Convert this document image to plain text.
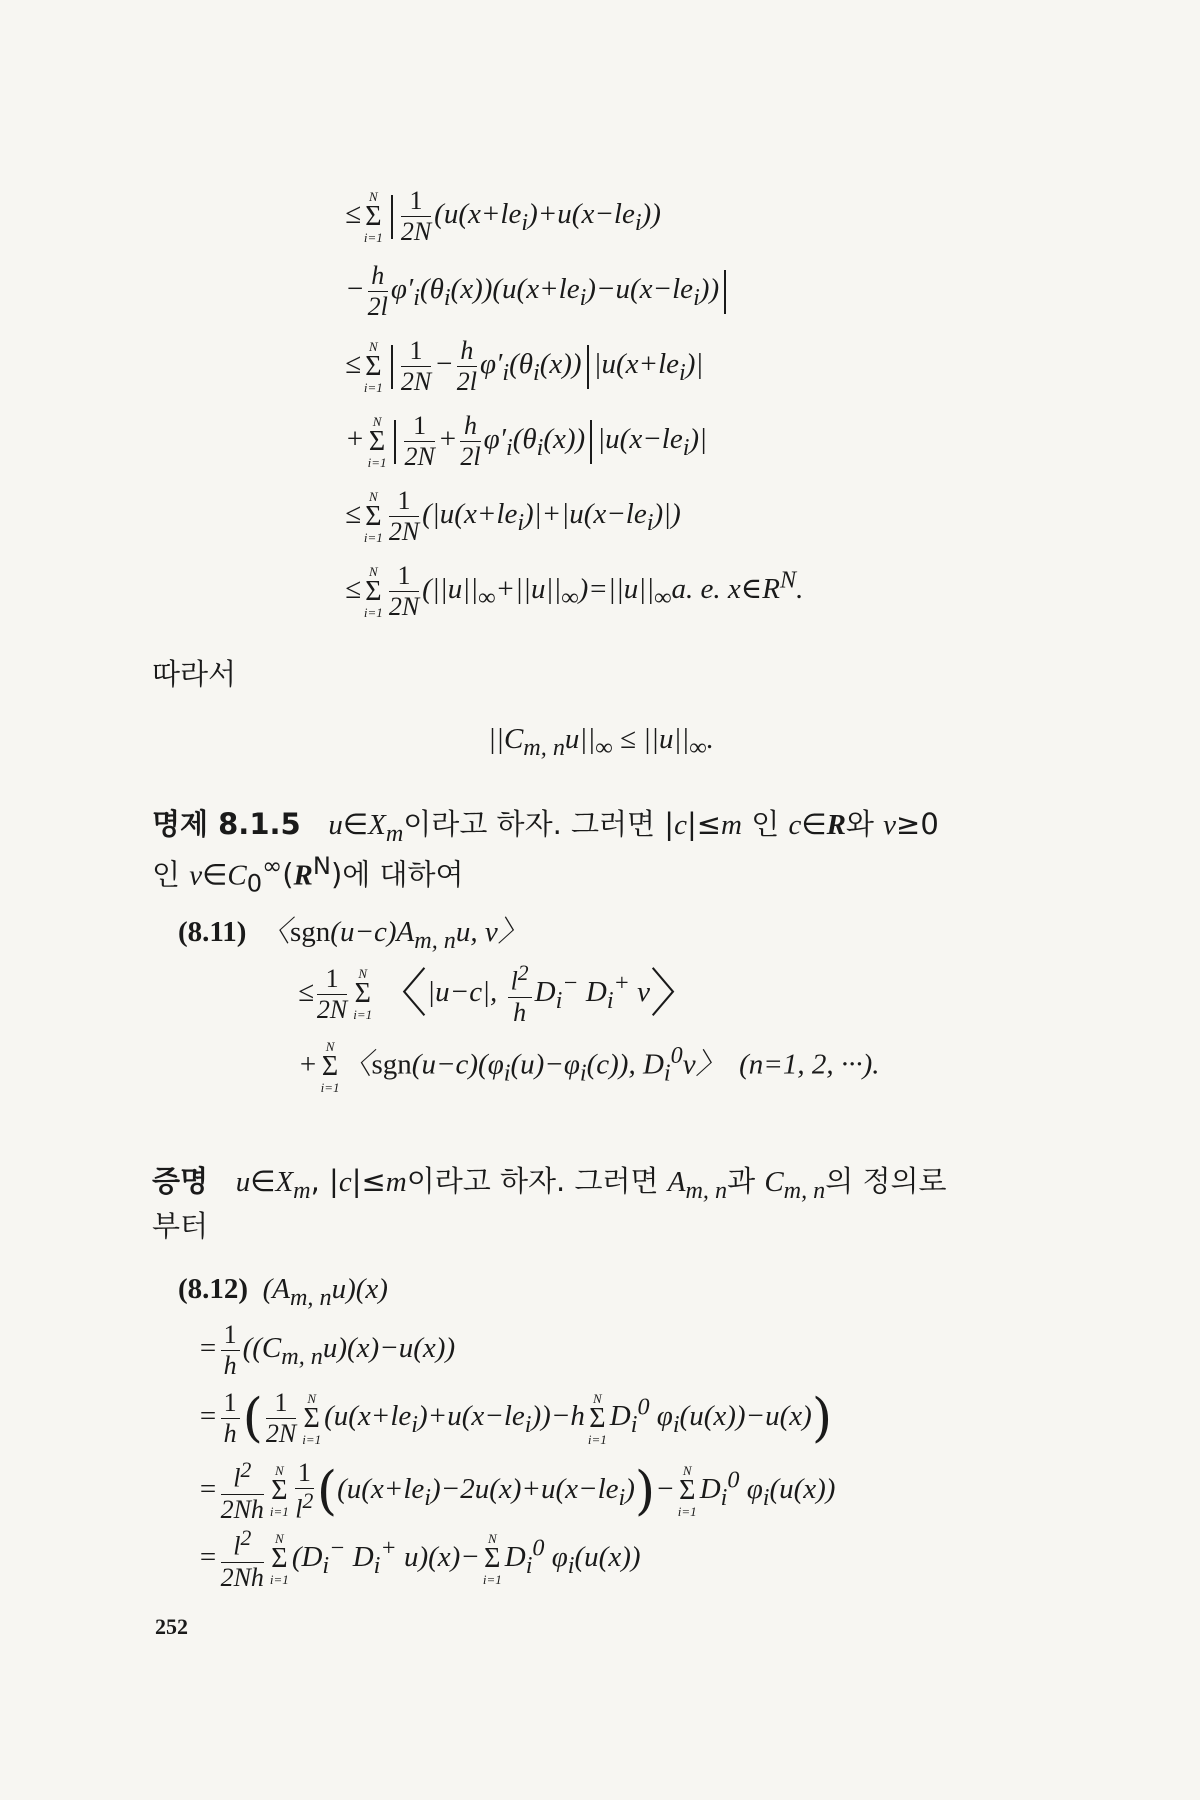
≤
N
Σ
$i=1 \frac{1}{2N} (u(x+le_i)+u(x-le_i))$
− $\frac{h}{2l} \varphi'_i(\theta_i(x))(u(x+le_i)-u(x-le_i))$
≤
N
Σ
$i=1 \frac{1}{2N} - \frac{h}{2l} \varphi'_i(\theta_i(x))$ $|u(x+le_i)|$
+
N
Σ
$i=1 \frac{1}{2N} + \frac{h}{2l} \varphi'_i(\theta_i(x))$ $|u(x-le_i)|$
≤
N
Σ
$i=1 \frac{1}{2N} (|u(x+le_i)|+|u(x-le_i)|)$
≤
N
Σ
$i=1 \frac{1}{2N} (||u||_\infty+||u||_\infty)=||u||_\infty a$. e. $x\in R^N$.
따라서
$||C_{m, n}u||_\infty \le ||u||_\infty$.
명제 8.1.5 $u\in X_m$이라고 하자. 그러면 |c|≤m 인 c∈R와 v≥0
인 $v\in C_0^\infty(R^N)$에 대하여
(8.11)  〈$sgn(u-c)A_{m, n}u$, v〉
≤ $\frac{1}{2N}$ N
Σ
i=1 〈|u−c|, $\frac{l^2}{h} D_i^-$ $D_i^+$ v〉
+
N
Σ
i=1
〈$sgn(u-c)(\varphi_i(u)-\varphi_i(c))$, $D_i^0v$〉  (n=1, 2, ···).
증명 $u\in X_m$, |c|≤m이라고 하자. 그러면 $A_{m, n}$과 $C_{m, n}$의 정의로
부터
(8.12)  $(A_{m, n}u)(x)$
= $\frac{1}{h} ((C_{m, n}u)(x)-u(x))$
= $\frac{1}{h}$ ( $\frac{1}{2N}$ N
Σ
i=1
$(u(x+le_i)+u(x-le_i))-h$
N
Σ
i=1
$D_i^0$ $\varphi_i(u(x))-u(x)$)
= $\frac{l^2}{2Nh}$ N
Σ
$i=1 \frac{1}{l^2} ((u(x+le_i)-2u(x)+u(x-le_i))-$
N
Σ
i=1
$D_i^0$ $\varphi_i(u(x))$
= $\frac{l^2}{2Nh}$ N
Σ
i=1
($D_i^-$ $D_i^+$ u)(x)−
N
Σ
i=1
$D_i^0$ $\varphi_i(u(x))$
252
